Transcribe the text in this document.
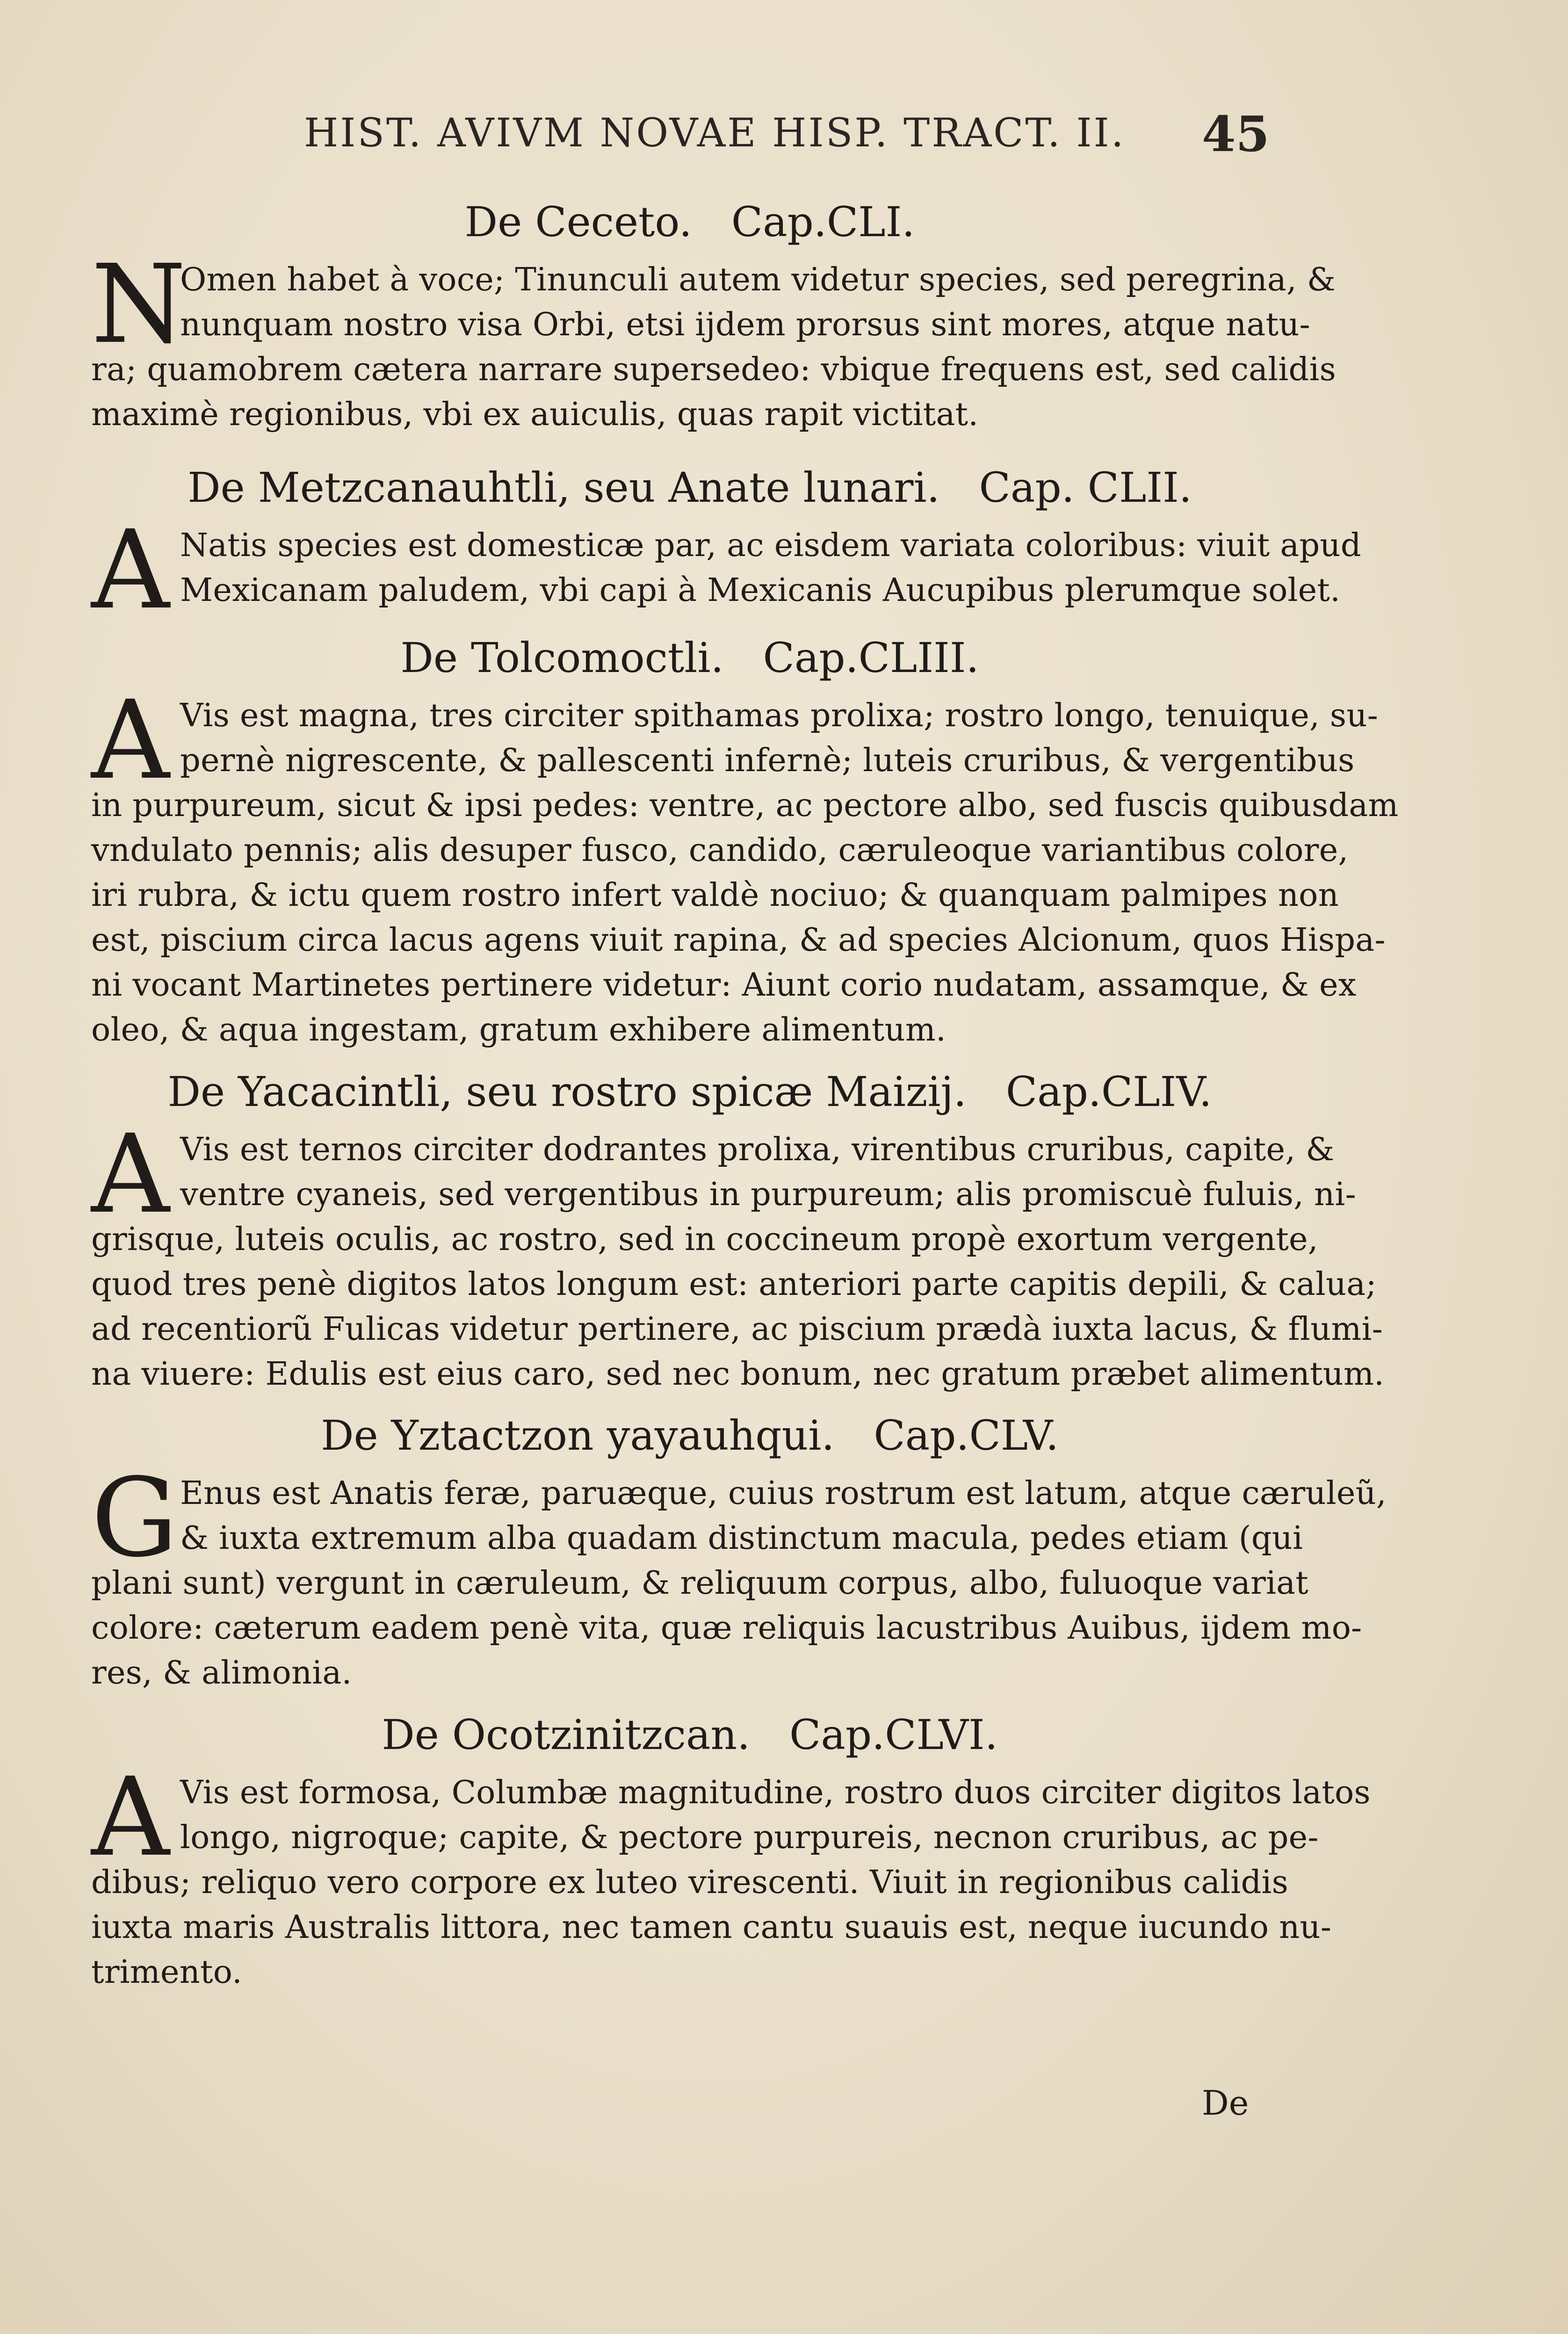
HIST. AVIVM NOVAE HISP. TRACT. II.	45
De Ceceto. Cap.CLI.
N
Omen habet à voce; Tinunculi autem videtur species, sed peregrina, &
nunquam nostro visa Orbi, etsi ijdem prorsus sint mores, atque natu-
ra; quamobrem cætera narrare supersedeo: vbique frequens est, sed calidis
maximè regionibus, vbi ex auiculis, quas rapit victitat.
De Metzcanauhtli, seu Anate lunari. Cap. CLII.
A Natis species est domesticæ par, ac eisdem variata coloribus: viuit apud
Mexicanam paludem, vbi capi à Mexicanis Aucupibus plerumque solet.
De Tolcomoctli. Cap.CLIII.
A Vis est magna, tres circiter spithamas prolixa; rostro longo, tenuique, su-
pernè nigrescente, & pallescenti infernè; luteis cruribus, & vergentibus
in purpureum, sicut & ipsi pedes: ventre, ac pectore albo, sed fuscis quibusdam
vndulato pennis; alis desuper fusco, candido, cæruleoque variantibus colore,
iri rubra, & ictu quem rostro infert valdè nociuo; & quanquam palmipes non
est, piscium circa lacus agens viuit rapina, & ad species Alcionum, quos Hispa-
ni vocant Martinetes pertinere videtur: Aiunt corio nudatam, assamque, & ex
oleo, & aqua ingestam, gratum exhibere alimentum.
De Yacacintli, seu rostro spicæ Maizij. Cap.CLIV.
A Vis est ternos circiter dodrantes prolixa, virentibus cruribus, capite, &
ventre cyaneis, sed vergentibus in purpureum; alis promiscuè fuluis, ni-
grisque, luteis oculis, ac rostro, sed in coccineum propè exortum vergente,
quod tres penè digitos latos longum est: anteriori parte capitis depili, & calua;
ad recentiorũ Fulicas videtur pertinere, ac piscium prædà iuxta lacus, & flumi-
na viuere: Edulis est eius caro, sed nec bonum, nec gratum præbet alimentum.
De Yztactzon yayauhqui. Cap.CLV.
G Enus est Anatis feræ, paruæque, cuius rostrum est latum, atque cæruleũ,
& iuxta extremum alba quadam distinctum macula, pedes etiam (qui
plani sunt) vergunt in cæruleum, & reliquum corpus, albo, fuluoque variat
colore: cæterum eadem penè vita, quæ reliquis lacustribus Auibus, ijdem mo-
res, & alimonia.
De Ocotzinitzcan. Cap.CLVI.
A Vis est formosa, Columbæ magnitudine, rostro duos circiter digitos latos
longo, nigroque; capite, & pectore purpureis, necnon cruribus, ac pe-
dibus; reliquo vero corpore ex luteo virescenti. Viuit in regionibus calidis
iuxta maris Australis littora, nec tamen cantu suauis est, neque iucundo nu-
trimento.
De
